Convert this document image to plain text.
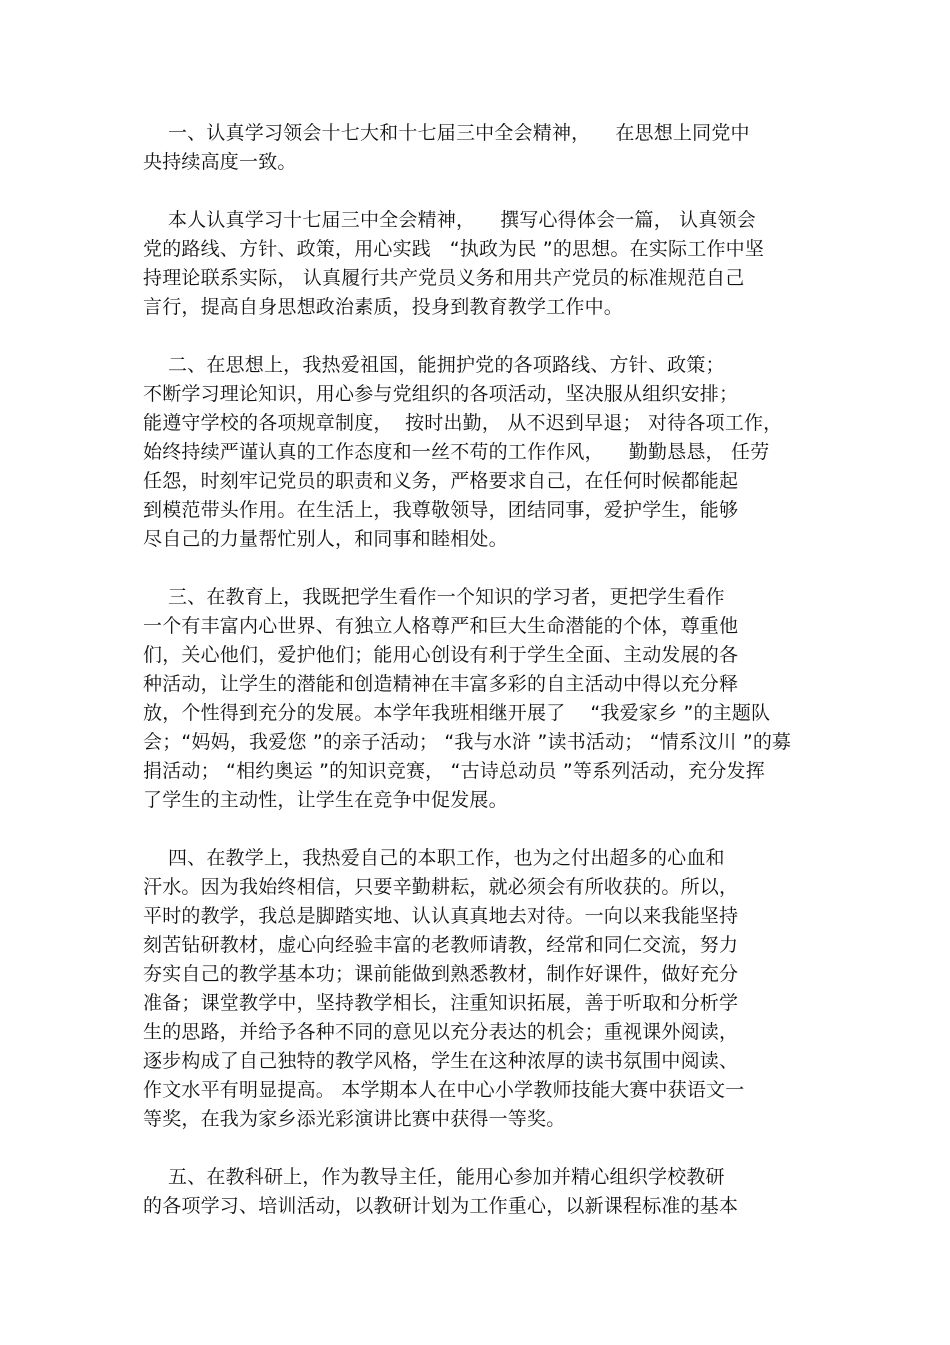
一、认真学习领会十七大和十七届三中全会精神，    在思想上同党中
央持续高度一致。
本人认真学习十七届三中全会精神，    撰写心得体会一篇， 认真领会
党的路线、方针、政策，用心实践   “执政为民 ”的思想。在实际工作中坚
持理论联系实际， 认真履行共产党员义务和用共产党员的标准规范自己
言行，提高自身思想政治素质，投身到教育教学工作中。
二、在思想上，我热爱祖国，能拥护党的各项路线、方针、政策；
不断学习理论知识，用心参与党组织的各项活动，坚决服从组织安排；
能遵守学校的各项规章制度，  按时出勤， 从不迟到早退； 对待各项工作，
始终持续严谨认真的工作态度和一丝不苟的工作作风，    勤勤恳恳， 任劳
任怨，时刻牢记党员的职责和义务，严格要求自己，在任何时候都能起
到模范带头作用。在生活上，我尊敬领导，团结同事，爱护学生，能够
尽自己的力量帮忙别人，和同事和睦相处。
三、在教育上，我既把学生看作一个知识的学习者，更把学生看作
一个有丰富内心世界、有独立人格尊严和巨大生命潜能的个体，尊重他
们，关心他们，爱护他们；能用心创设有利于学生全面、主动发展的各
种活动，让学生的潜能和创造精神在丰富多彩的自主活动中得以充分释
放，个性得到充分的发展。本学年我班相继开展了    “我爱家乡 ”的主题队
会；“妈妈，我爱您 ”的亲子活动； “我与水浒 ”读书活动； “情系汶川 ”的募
捐活动； “相约奥运 ”的知识竞赛， “古诗总动员 ”等系列活动，充分发挥
了学生的主动性，让学生在竞争中促发展。
四、在教学上，我热爱自己的本职工作，也为之付出超多的心血和
汗水。因为我始终相信，只要辛勤耕耘，就必须会有所收获的。所以，
平时的教学，我总是脚踏实地、认认真真地去对待。一向以来我能坚持
刻苦钻研教材，虚心向经验丰富的老教师请教，经常和同仁交流，努力
夯实自己的教学基本功；课前能做到熟悉教材，制作好课件，做好充分
准备；课堂教学中，坚持教学相长，注重知识拓展，善于听取和分析学
生的思路，并给予各种不同的意见以充分表达的机会；重视课外阅读，
逐步构成了自己独特的教学风格，学生在这种浓厚的读书氛围中阅读、
作文水平有明显提高。 本学期本人在中心小学教师技能大赛中获语文一
等奖，在我为家乡添光彩演讲比赛中获得一等奖。
五、在教科研上，作为教导主任，能用心参加并精心组织学校教研
的各项学习、培训活动，以教研计划为工作重心，以新课程标准的基本
